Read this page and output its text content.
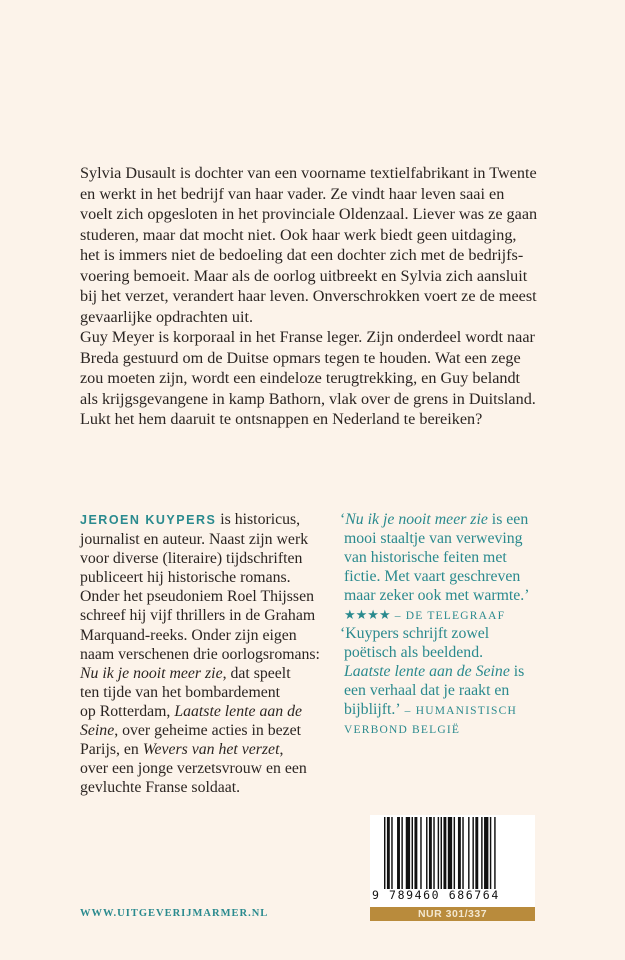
Sylvia Dusault is dochter van een voorname textielfabrikant in Twente
en werkt in het bedrijf van haar vader. Ze vindt haar leven saai en
voelt zich opgesloten in het provinciale Oldenzaal. Liever was ze gaan
studeren, maar dat mocht niet. Ook haar werk biedt geen uitdaging,
het is immers niet de bedoeling dat een dochter zich met de bedrijfs-
voering bemoeit. Maar als de oorlog uitbreekt en Sylvia zich aansluit
bij het verzet, verandert haar leven. Onverschrokken voert ze de meest
gevaarlijke opdrachten uit.
Guy Meyer is korporaal in het Franse leger. Zijn onderdeel wordt naar
Breda gestuurd om de Duitse opmars tegen te houden. Wat een zege
zou moeten zijn, wordt een eindeloze terugtrekking, en Guy belandt
als krijgsgevangene in kamp Bathorn, vlak over de grens in Duitsland.
Lukt het hem daaruit te ontsnappen en Nederland te bereiken?
JEROEN KUYPERS is historicus,
journalist en auteur. Naast zijn werk
voor diverse (literaire) tijdschriften
publiceert hij historische romans.
Onder het pseudoniem Roel Thijssen
schreef hij vijf thrillers in de Graham
Marquand-reeks. Onder zijn eigen
naam verschenen drie oorlogsromans:
Nu ik je nooit meer zie, dat speelt
ten tijde van het bombardement
op Rotterdam, Laatste lente aan de
Seine, over geheime acties in bezet
Parijs, en Wevers van het verzet,
over een jonge verzetsvrouw en een
gevluchte Franse soldaat.
‘Nu ik je nooit meer zie is een
mooi staaltje van verweving
van historische feiten met
fictie. Met vaart geschreven
maar zeker ook met warmte.’
★★★★ – DE TELEGRAAF
‘Kuypers schrijft zowel
poëtisch als beeldend.
Laatste lente aan de Seine is
een verhaal dat je raakt en
bijblijft.’ – HUMANISTISCH
VERBOND BELGIË
WWW.UITGEVERIJMARMER.NL
9 789460 686764
NUR 301/337
